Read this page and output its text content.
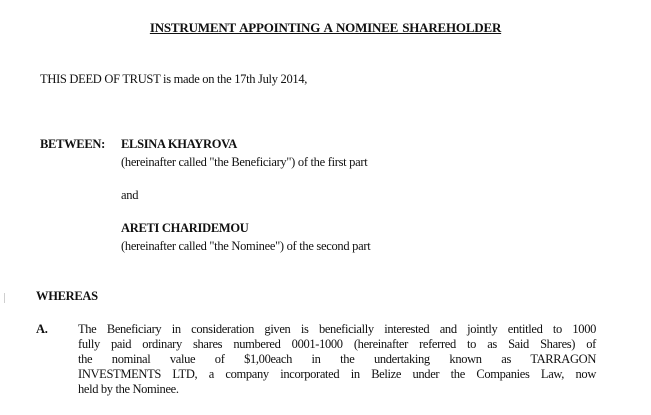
INSTRUMENT APPOINTING A NOMINEE SHAREHOLDER
THIS DEED OF TRUST is made on the 17th July 2014,
BETWEEN: ELSINA KHAYROVA
(hereinafter called "the Beneficiary") of the first part
and
ARETI CHARIDEMOU
(hereinafter called "the Nominee") of the second part
WHEREAS
A. The Beneficiary in consideration given is beneficially interested and jointly entitled to 1000
fully paid ordinary shares numbered 0001-1000 (hereinafter referred to as Said Shares) of
the nominal value of $1,00each in the undertaking known as TARRAGON
INVESTMENTS LTD, a company incorporated in Belize under the Companies Law, now
held by the Nominee.
